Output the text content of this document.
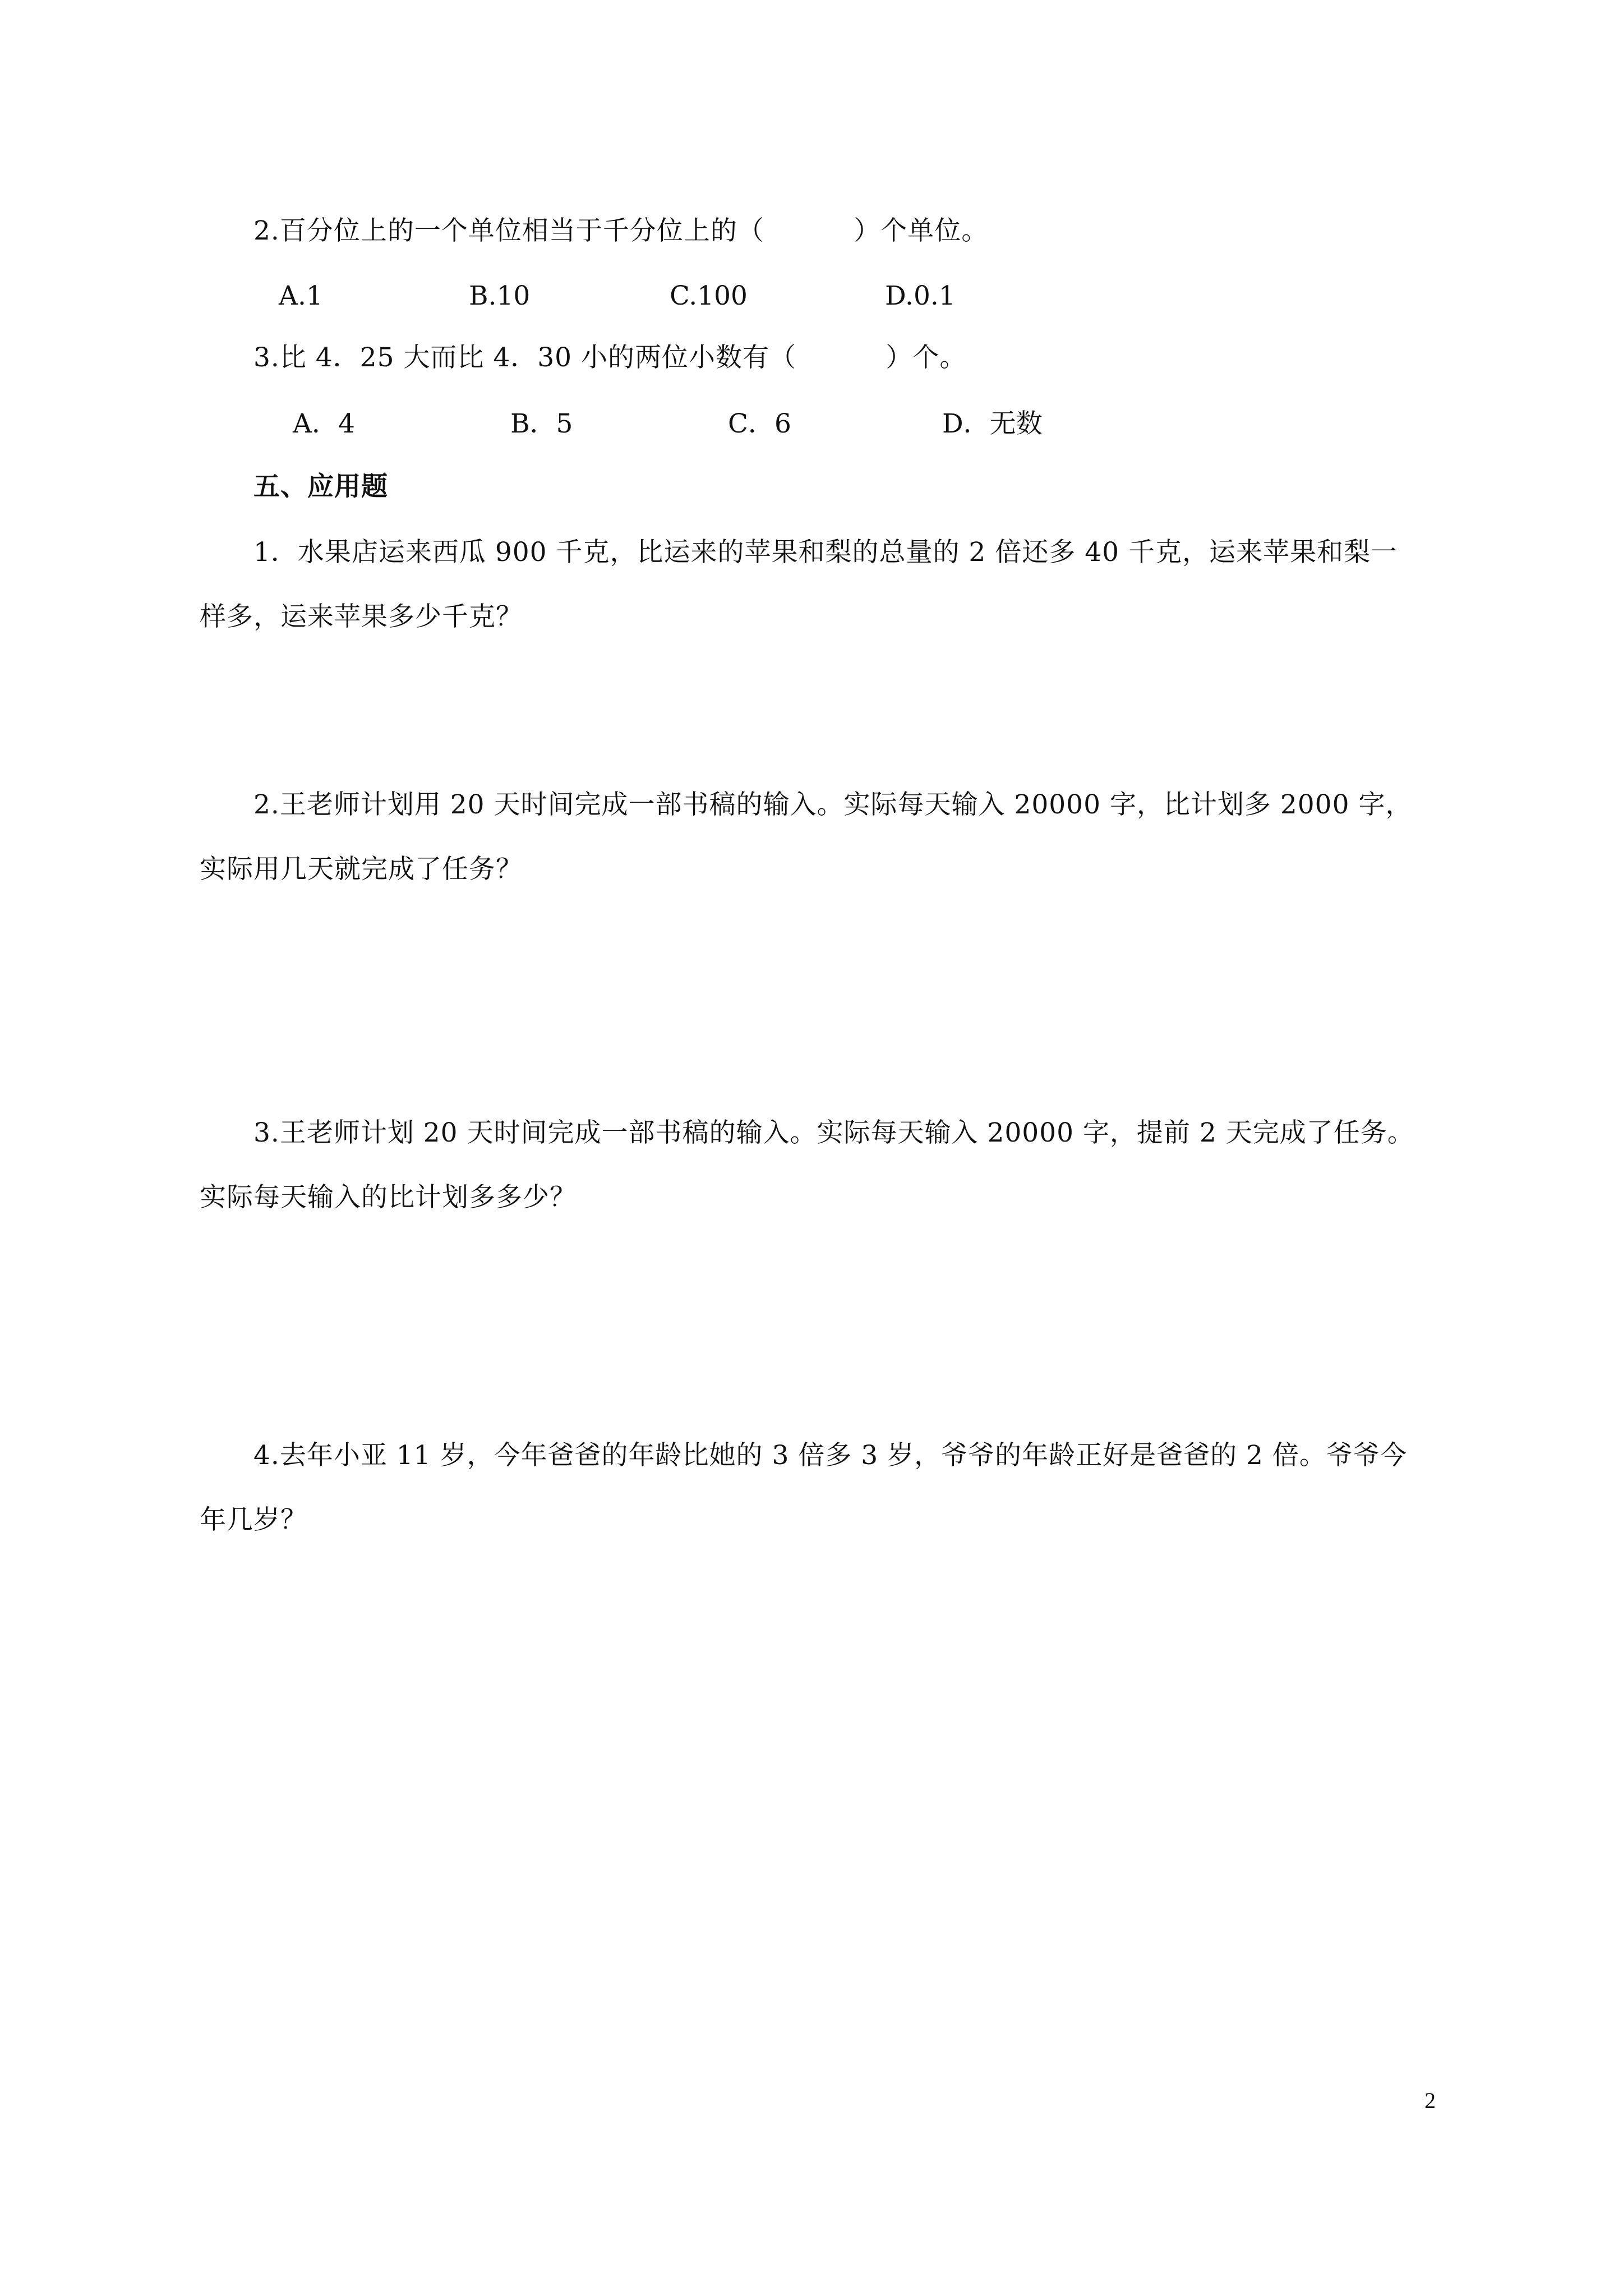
2.百分位上的一个单位相当于千分位上的（          ）个单位。
A.1	B.10	C.100	D.0.1
3.比 4．25 大而比 4．30 小的两位小数有（          ）个。
A．4	B．5	C．6	D．无数
五、应用题
1．水果店运来西瓜 900 千克，比运来的苹果和梨的总量的 2 倍还多 40 千克，运来苹果和梨一
样多，运来苹果多少千克？
2.王老师计划用 20 天时间完成一部书稿的输入。实际每天输入 20000 字，比计划多 2000 字，
实际用几天就完成了任务？
3.王老师计划 20 天时间完成一部书稿的输入。实际每天输入 20000 字，提前 2 天完成了任务。
实际每天输入的比计划多多少？
4.去年小亚 11 岁，今年爸爸的年龄比她的 3 倍多 3 岁，爷爷的年龄正好是爸爸的 2 倍。爷爷今
年几岁？
2
